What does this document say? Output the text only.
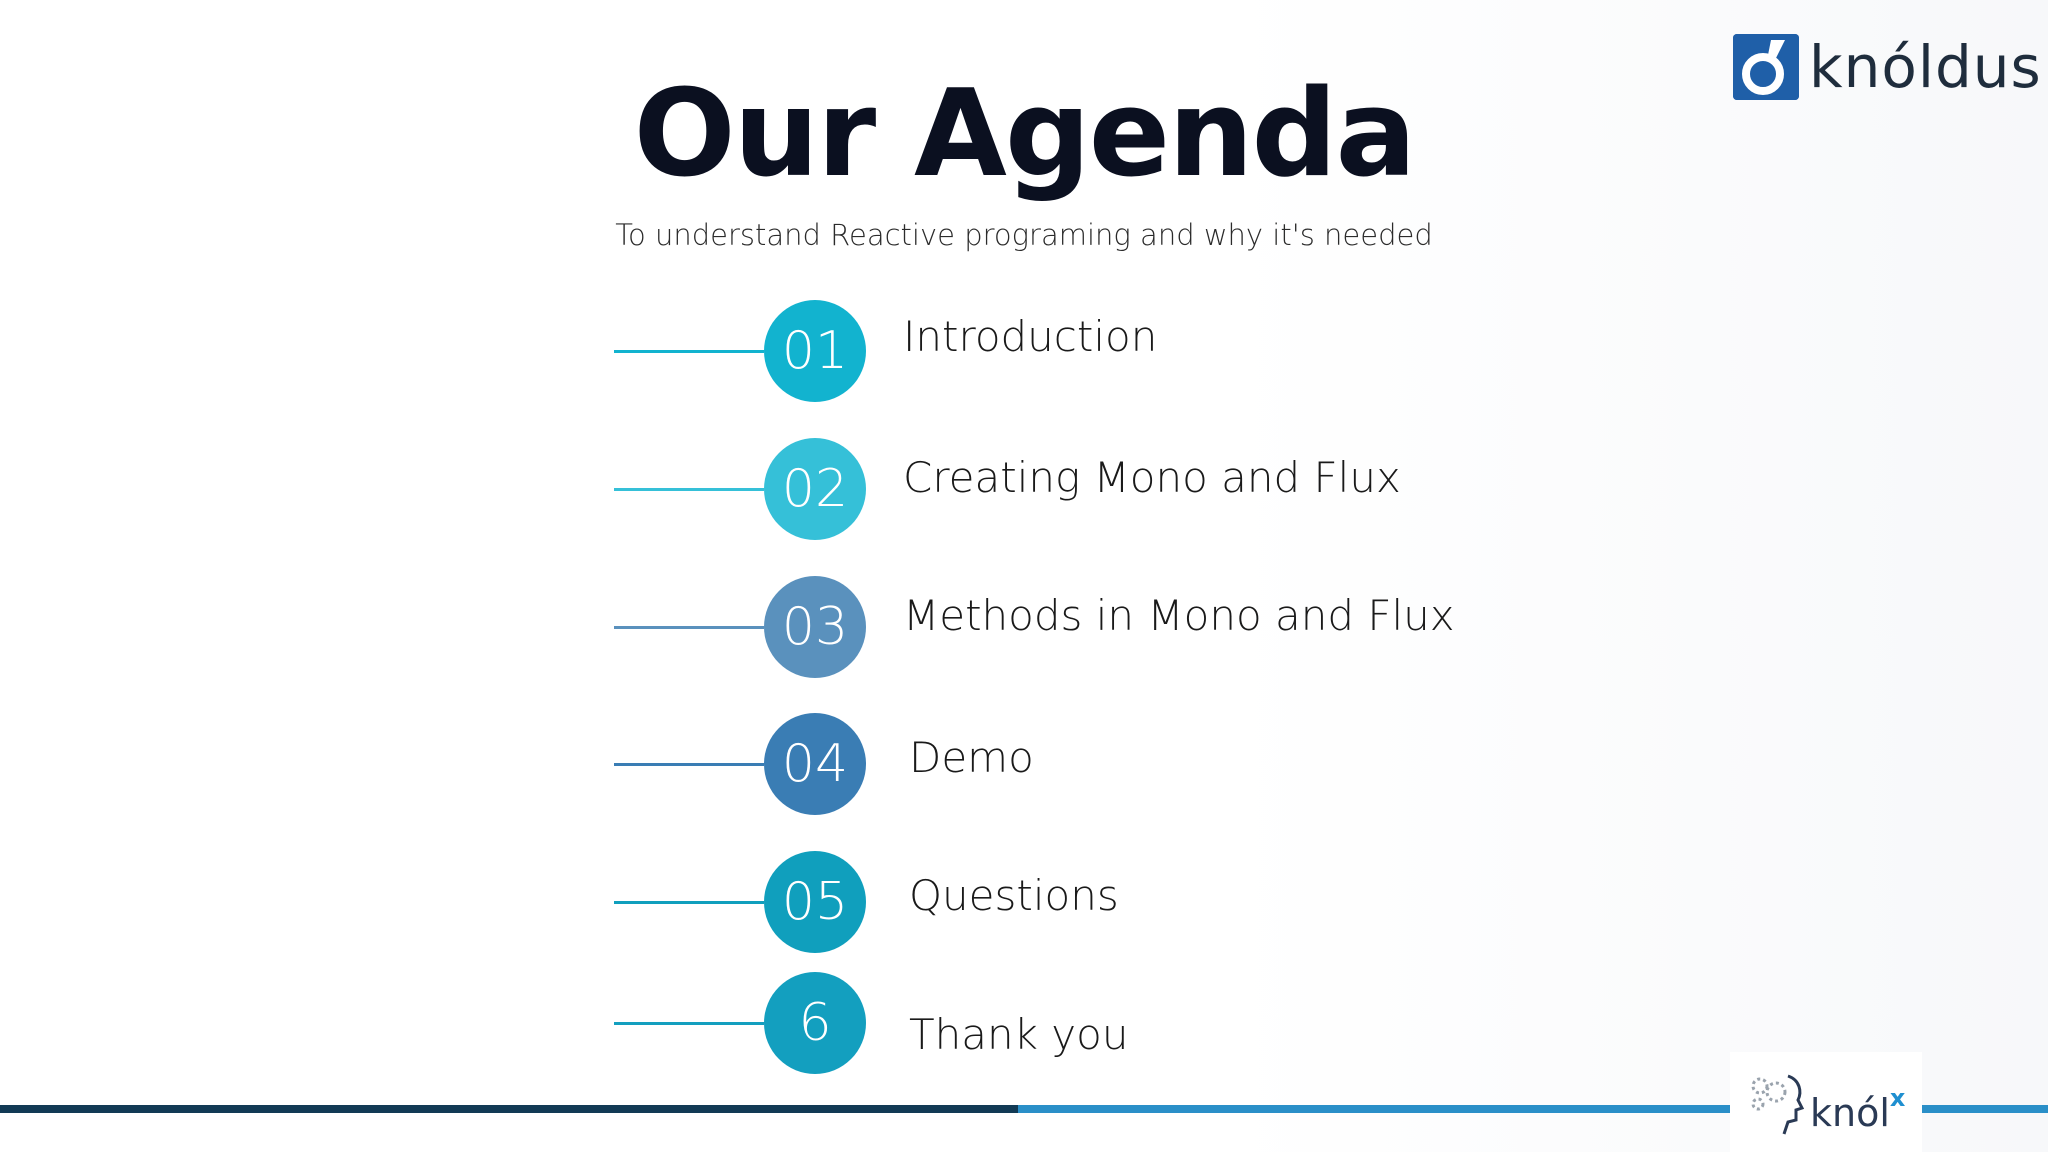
Our Agenda
To understand Reactive programing and why it's needed
knóldus
01	Introduction
02	Creating Mono and Flux
03	Methods in Mono and Flux
04	Demo
05	Questions
6	Thank you
knól$^x$
